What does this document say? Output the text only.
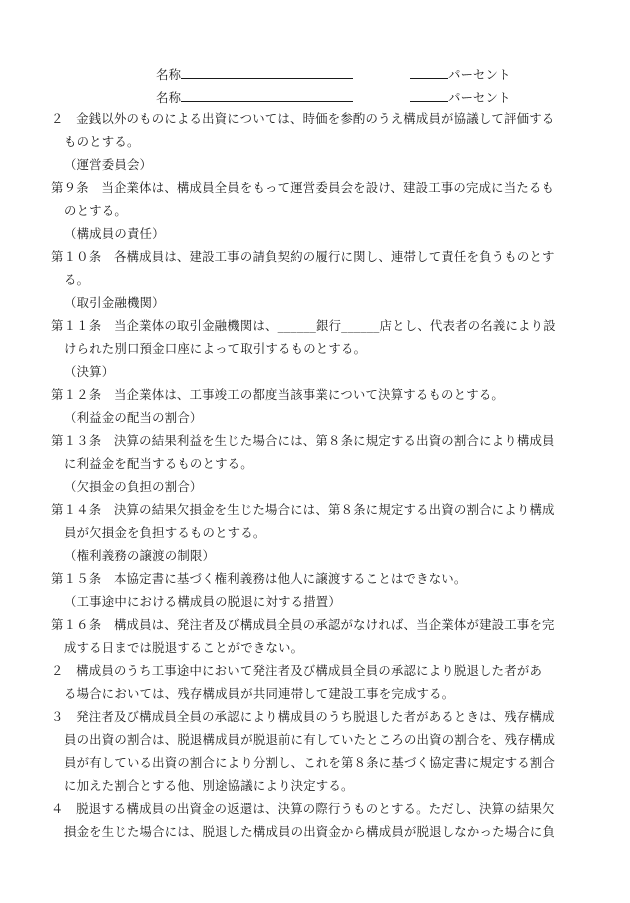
名称	パーセント
名称	パーセント
２　金銭以外のものによる出資については、時価を参酌のうえ構成員が協議して評価する
ものとする。
（運営委員会）
第９条　当企業体は、構成員全員をもって運営委員会を設け、建設工事の完成に当たるも
のとする。
（構成員の責任）
第１０条　各構成員は、建設工事の請負契約の履行に関し、連帯して責任を負うものとす
る。
（取引金融機関）
第１１条　当企業体の取引金融機関は、______銀行______店とし、代表者の名義により設
けられた別口預金口座によって取引するものとする。
（決算）
第１２条　当企業体は、工事竣工の都度当該事業について決算するものとする。
（利益金の配当の割合）
第１３条　決算の結果利益を生じた場合には、第８条に規定する出資の割合により構成員
に利益金を配当するものとする。
（欠損金の負担の割合）
第１４条　決算の結果欠損金を生じた場合には、第８条に規定する出資の割合により構成
員が欠損金を負担するものとする。
（権利義務の譲渡の制限）
第１５条　本協定書に基づく権利義務は他人に譲渡することはできない。
（工事途中における構成員の脱退に対する措置）
第１６条　構成員は、発注者及び構成員全員の承認がなければ、当企業体が建設工事を完
成する日までは脱退することができない。
２　構成員のうち工事途中において発注者及び構成員全員の承認により脱退した者があ
る場合においては、残存構成員が共同連帯して建設工事を完成する。
３　発注者及び構成員全員の承認により構成員のうち脱退した者があるときは、残存構成
員の出資の割合は、脱退構成員が脱退前に有していたところの出資の割合を、残存構成
員が有している出資の割合により分割し、これを第８条に基づく協定書に規定する割合
に加えた割合とする他、別途協議により決定する。
４　脱退する構成員の出資金の返還は、決算の際行うものとする。ただし、決算の結果欠
損金を生じた場合には、脱退した構成員の出資金から構成員が脱退しなかった場合に負
